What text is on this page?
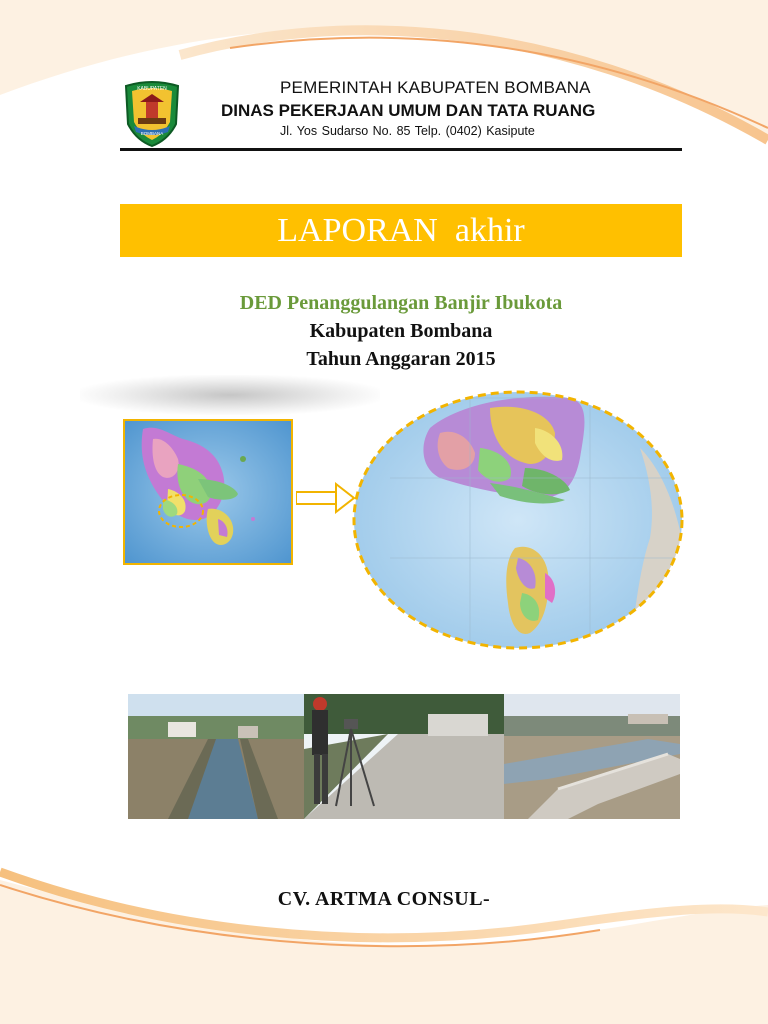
KABUPATEN
BOMBANA
PEMERINTAH KABUPATEN BOMBANA
DINAS PEKERJAAN UMUM DAN TATA RUANG
Jl. Yos Sudarso No. 85 Telp. (0402) Kasipute
LAPORAN  akhir
DED Penanggulangan Banjir Ibukota
Kabupaten Bombana
Tahun Anggaran 2015
CV. ARTMA CONSUL-
